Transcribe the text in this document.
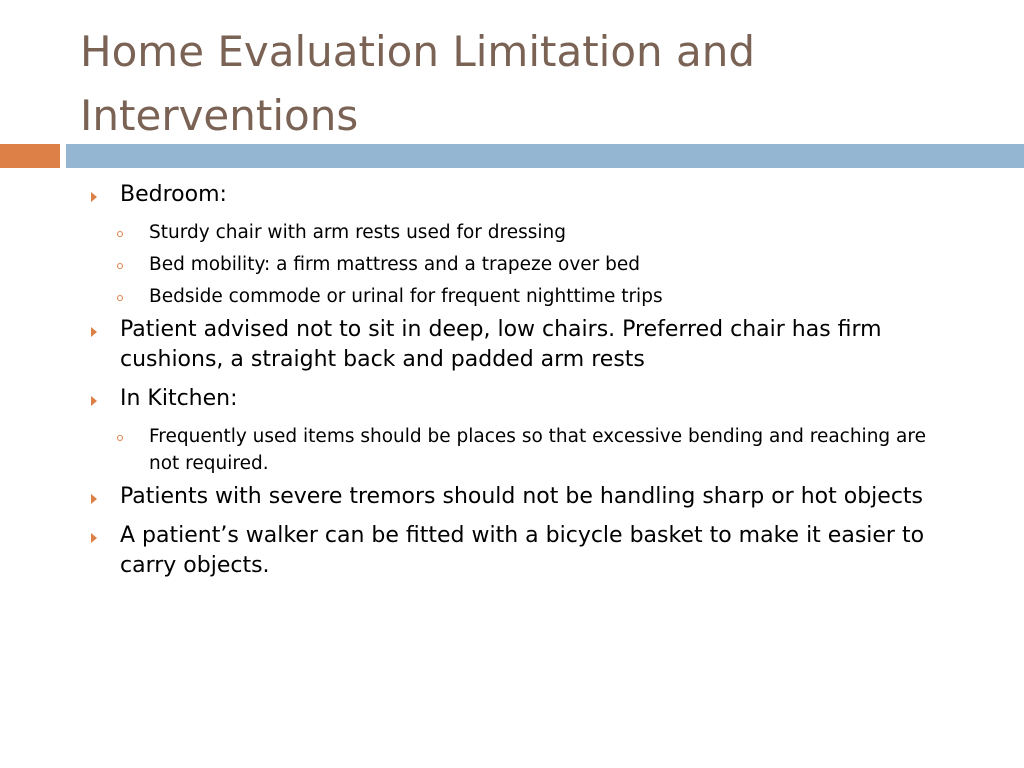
Home Evaluation Limitation and Interventions
Bedroom:
Sturdy chair with arm rests used for dressing
Bed mobility: a firm mattress and a trapeze over bed
Bedside commode or urinal for frequent nighttime trips
Patient advised not to sit in deep, low chairs. Preferred chair has firm cushions, a straight back and padded arm rests
In Kitchen:
Frequently used items should be places so that excessive bending and reaching are not required.
Patients with severe tremors should not be handling sharp or hot objects
A patient’s walker can be fitted with a bicycle basket to make it easier to carry objects.
